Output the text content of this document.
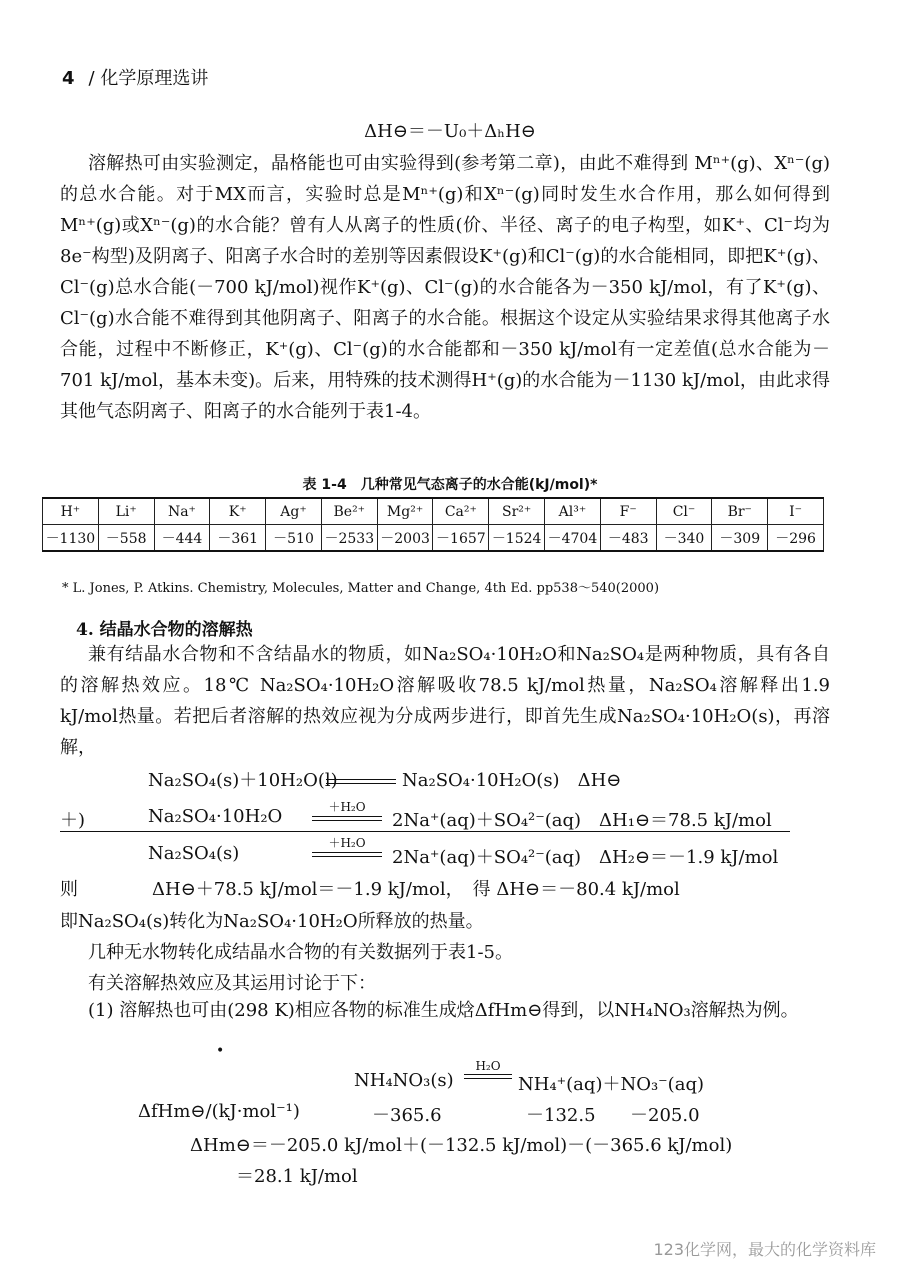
4 / 化学原理选讲
ΔH⊖＝－U₀＋ΔₕH⊖

溶解热可由实验测定，晶格能也可由实验得到(参考第二章)，由此不难得到 Mⁿ⁺(g)、Xⁿ⁻(g)的总水合能。对于MX而言，实验时总是Mⁿ⁺(g)和Xⁿ⁻(g)同时发生水合作用，那么如何得到Mⁿ⁺(g)或Xⁿ⁻(g)的水合能？曾有人从离子的性质(价、半径、离子的电子构型，如K⁺、Cl⁻均为8e⁻构型)及阴离子、阳离子水合时的差别等因素假设K⁺(g)和Cl⁻(g)的水合能相同，即把K⁺(g)、Cl⁻(g)总水合能(－700 kJ/mol)视作K⁺(g)、Cl⁻(g)的水合能各为－350 kJ/mol，有了K⁺(g)、Cl⁻(g)水合能不难得到其他阴离子、阳离子的水合能。根据这个设定从实验结果求得其他离子水合能，过程中不断修正，K⁺(g)、Cl⁻(g)的水合能都和－350 kJ/mol有一定差值(总水合能为－701 kJ/mol，基本未变)。后来，用特殊的技术测得H⁺(g)的水合能为－1130 kJ/mol，由此求得其他气态阴离子、阳离子的水合能列于表1-4。

表 1-4　几种常见气态离子的水合能(kJ/mol)*
H⁺	Li⁺	Na⁺	K⁺	Ag⁺	Be²⁺	Mg²⁺	Ca²⁺	Sr²⁺	Al³⁺	F⁻	Cl⁻	Br⁻	I⁻
－1130	－558	－444	－361	－510	－2533	－2003	－1657	－1524	－4704	－483	－340	－309	－296
* L. Jones, P. Atkins. Chemistry, Molecules, Matter and Change, 4th Ed. pp538～540(2000)
4. 结晶水合物的溶解热

兼有结晶水合物和不含结晶水的物质，如Na₂SO₄·10H₂O和Na₂SO₄是两种物质，具有各自的溶解热效应。18℃ Na₂SO₄·10H₂O溶解吸收78.5 kJ/mol热量，Na₂SO₄溶解释出1.9 kJ/mol热量。若把后者溶解的热效应视为分成两步进行，即首先生成Na₂SO₄·10H₂O(s)，再溶解，

Na₂SO₄(s)＋10H₂O(l)	Na₂SO₄·10H₂O(s)　ΔH⊖
＋)	Na₂SO₄·10H₂O	＋H₂O
2Na⁺(aq)＋SO₄²⁻(aq)　ΔH₁⊖＝78.5 kJ/mol
Na₂SO₄(s)	＋H₂O
2Na⁺(aq)＋SO₄²⁻(aq)　ΔH₂⊖＝－1.9 kJ/mol
则	ΔH⊖＋78.5 kJ/mol＝－1.9 kJ/mol，　得 ΔH⊖＝－80.4 kJ/mol
即Na₂SO₄(s)转化为Na₂SO₄·10H₂O所释放的热量。
几种无水物转化成结晶水合物的有关数据列于表1-5。
有关溶解热效应及其运用讨论于下：

(1) 溶解热也可由(298 K)相应各物的标准生成焓ΔfHm⊖得到，以NH₄NO₃溶解热为例。

•
NH₄NO₃(s)
H₂O
NH₄⁺(aq)＋NO₃⁻(aq)
ΔfHm⊖/(kJ·mol⁻¹)	－365.6	－132.5 －205.0
ΔHm⊖＝－205.0 kJ/mol＋(－132.5 kJ/mol)－(－365.6 kJ/mol)
＝28.1 kJ/mol
123化学网，最大的化学资料库
